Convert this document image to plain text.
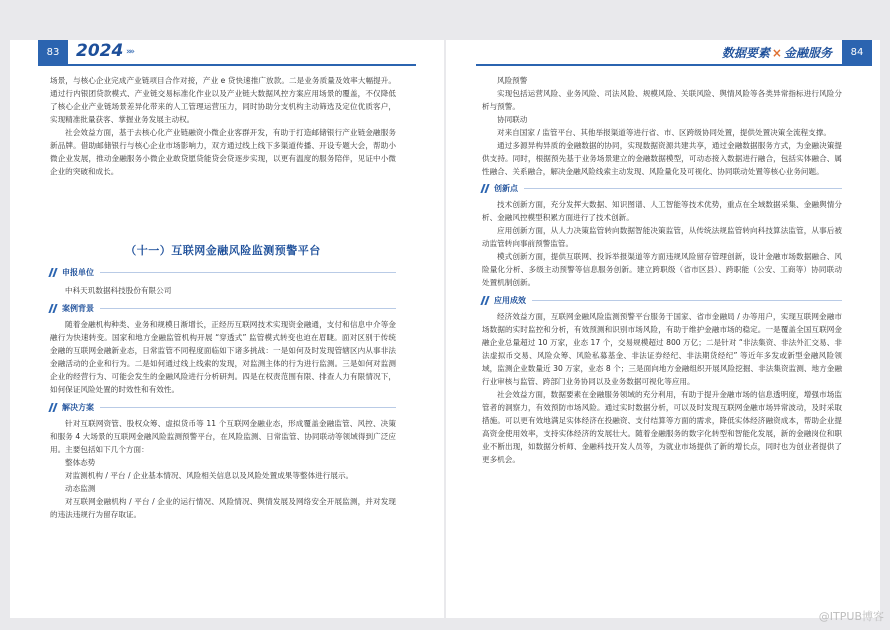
83 2024 »»

场景，与核心企业完成产业链项目合作对接，产业 e 贷快速推广放款。二是业务质量及效率大幅提升。通过行内银团贷款模式、产业链交易标准化作业以及产业链大数据风控方案应用场景的覆盖，不仅降低了核心企业产业链场景差异化带来的人工管理运营压力，同时协助分支机构主动筛选及定位优质客户，实现精准批量获客、掌握业务发展主动权。

社会效益方面，基于去核心化产业链融资小微企业客群开发，有助于打造邮储银行产业链金融服务新品牌。借助邮储银行与核心企业市场影响力，双方通过线上线下多渠道传播、开设专题大会，帮助小微企业发展，推动金融服务小微企业敢贷愿贷能贷会贷逐步实现，以更有温度的服务陪伴，见证中小微企业的突破和成长。

（十一）互联网金融风险监测预警平台
申报单位

中科天玑数据科技股份有限公司

案例背景

随着金融机构种类、业务和规模日渐增长，正经历互联网技术实现资金融通，支付和信息中介等金融行为快速转变。国家和地方金融监管机构开展 “穿透式” 监管模式转变也迫在眉睫。面对区别于传统金融的互联网金融新业态，日常监管不同程度面临如下诸多挑战：一是如何及时发现管辖区内从事非法金融活动的企业和行为。二是如何通过线上线索的发现，对监测主体的行为进行监测。三是如何对监测企业的经营行为、可能会发生的金融风险进行分析研判。四是在权责范围有限、排查人力有限情况下，如何保证风险处置的时效性和有效性。

解决方案

针对互联网资管、股权众筹、虚拟货币等 11 个互联网金融业态，形成覆盖金融监管、风控、决策和服务 4 大场景的互联网金融风险监测预警平台，在风险监测、日常监管、协同联动等领域得到广泛应用。主要包括如下几个方面：

整体态势

对监测机构 / 平台 / 企业基本情况、风险相关信息以及风险处置成果等整体进行展示。

动态监测

对互联网金融机构 / 平台 / 企业的运行情况、风险情况、舆情发展及网络安全开展监测，并对发现的违法违规行为留存取证。

数据要素 × 金融服务	84

风险预警

实现包括运营风险、业务风险、司法风险、规模风险、关联风险、舆情风险等各类异常指标进行风险分析与预警。

协同联动

对来自国家 / 监管平台、其他举报渠道等进行省、市、区跨级协同处置，提供处置决策全流程支撑。

通过多源异构异质的金融数据的协同，实现数据资源共建共享，通过金融数据服务方式，为金融决策提供支持。同时，根据预先基于业务场景建立的金融数据模型，可动态接入数据进行融合，包括实体融合、属性融合、关系融合，解决金融风险线索主动发现、风险量化及可视化、协同联动处置等核心业务问题。

创新点

技术创新方面，充分发挥大数据、知识图谱、人工智能等技术优势，重点在全域数据采集、金融舆情分析、金融风控模型积累方面进行了技术创新。

应用创新方面，从人力决策监管转向数据智能决策监管，从传统法规监管转向科技算法监管，从事后被动监管转向事前预警监管。

模式创新方面，提供互联网、投诉举报渠道等方面违规风险留存管理创新，设计金融市场数据融合、风险量化分析、多级主动预警等信息服务创新。建立跨职级（省市区县）、跨职能（公安、工商等）协同联动处置机制创新。

应用成效

经济效益方面，互联网金融风险监测预警平台服务于国家、省市金融局 / 办等用户，实现互联网金融市场数据的实时监控和分析，有效预测和识别市场风险，有助于维护金融市场的稳定。一是覆盖全国互联网金融企业总量超过 10 万家，业态 17 个，交易规模超过 800 万亿；二是针对 “非法集资、非法外汇交易、非法虚拟币交易、风险众筹、风险私募基金、非法证券经纪、非法期货经纪” 等近年多发或新型金融风险领域，监测企业数量近 30 万家，业态 8 个；三是面向地方金融组织开展风险挖掘、非法集资监测、地方金融行业审核与监管、跨部门业务协同以及业务数据可视化等应用。

社会效益方面，数据要素在金融服务领域的充分利用，有助于提升金融市场的信息透明度，增强市场监管者的洞察力，有效预防市场风险。通过实时数据分析，可以及时发现互联网金融市场异常波动，及时采取措施。可以更有效地满足实体经济在投融资、支付结算等方面的需求，降低实体经济融资成本，帮助企业提高资金使用效率，支持实体经济的发展壮大。随着金融服务的数字化转型和智能化发展，新的金融岗位和职业不断出现，如数据分析师、金融科技开发人员等，为就业市场提供了新的增长点，同时也为创业者提供了更多机会。

@ITPUB博客
